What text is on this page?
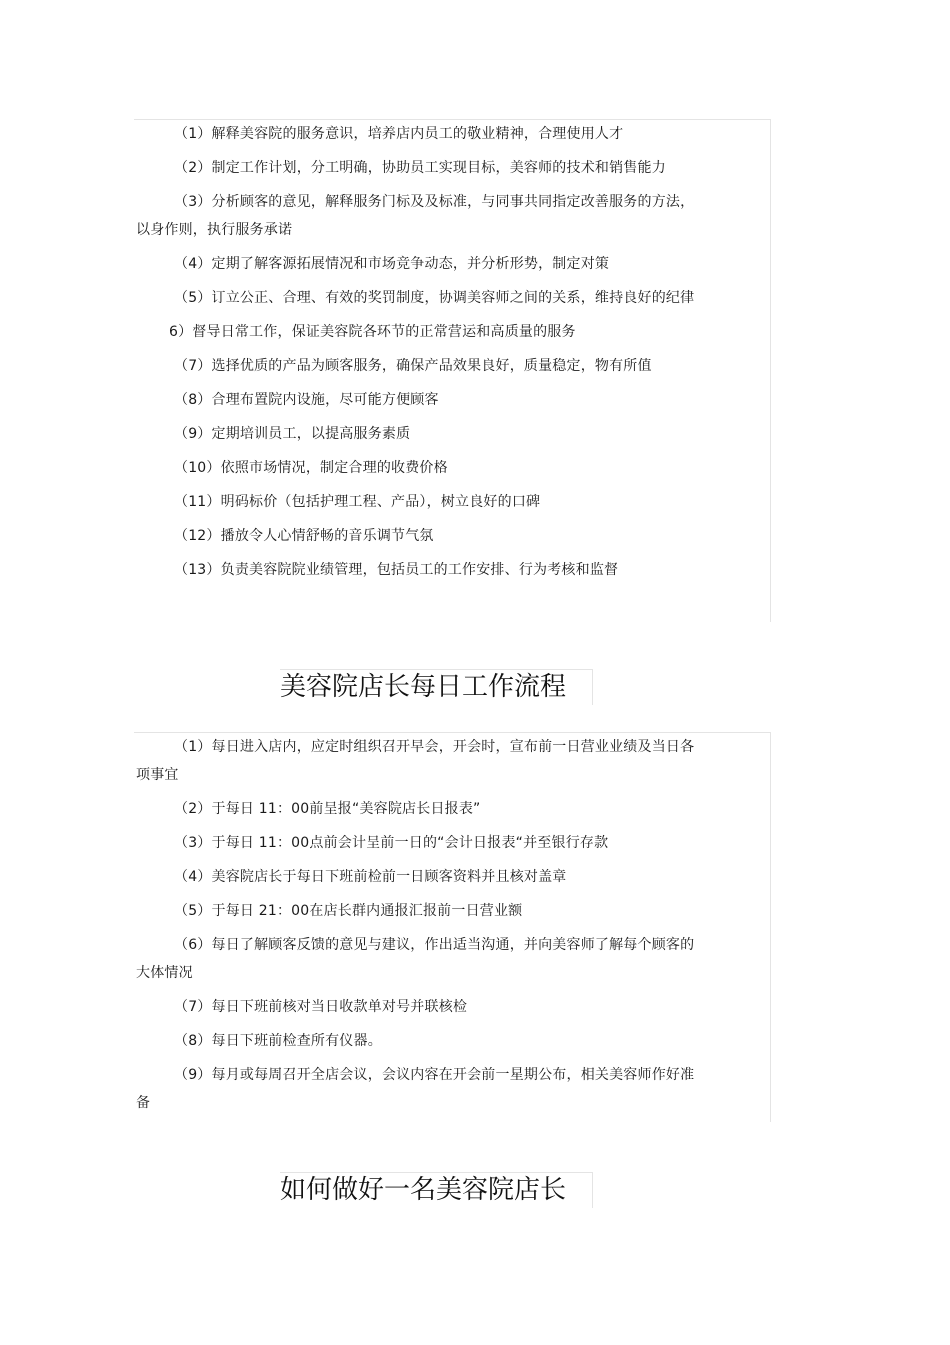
（1）解释美容院的服务意识，培养店内员工的敬业精神，合理使用人才

（2）制定工作计划，分工明确，协助员工实现目标，美容师的技术和销售能力

（3）分析顾客的意见，解释服务门标及及标准，与同事共同指定改善服务的方法，以身作则，执行服务承诺

（4）定期了解客源拓展情况和市场竞争动态，并分析形势，制定对策

（5）订立公正、合理、有效的奖罚制度，协调美容师之间的关系，维持良好的纪律

6）督导日常工作，保证美容院各环节的正常营运和高质量的服务

（7）选择优质的产品为顾客服务，确保产品效果良好，质量稳定，物有所值

（8）合理布置院内设施，尽可能方便顾客

（9）定期培训员工，以提高服务素质

（10）依照市场情况，制定合理的收费价格

（11）明码标价（包括护理工程、产品），树立良好的口碑

（12）播放令人心情舒畅的音乐调节气氛

（13）负责美容院院业绩管理，包括员工的工作安排、行为考核和监督

美容院店长每日工作流程

（1）每日进入店内，应定时组织召开早会，开会时，宣布前一日营业业绩及当日各项事宜

（2）于每日 11：00前呈报“美容院店长日报表”

（3）于每日 11：00点前会计呈前一日的“会计日报表“并至银行存款

（4）美容院店长于每日下班前检前一日顾客资料并且核对盖章

（5）于每日 21：00在店长群内通报汇报前一日营业额

（6）每日了解顾客反馈的意见与建议，作出适当沟通，并向美容师了解每个顾客的大体情况

（7）每日下班前核对当日收款单对号并联核检

（8）每日下班前检查所有仪器。

（9）每月或每周召开全店会议，会议内容在开会前一星期公布，相关美容师作好准备

如何做好一名美容院店长
